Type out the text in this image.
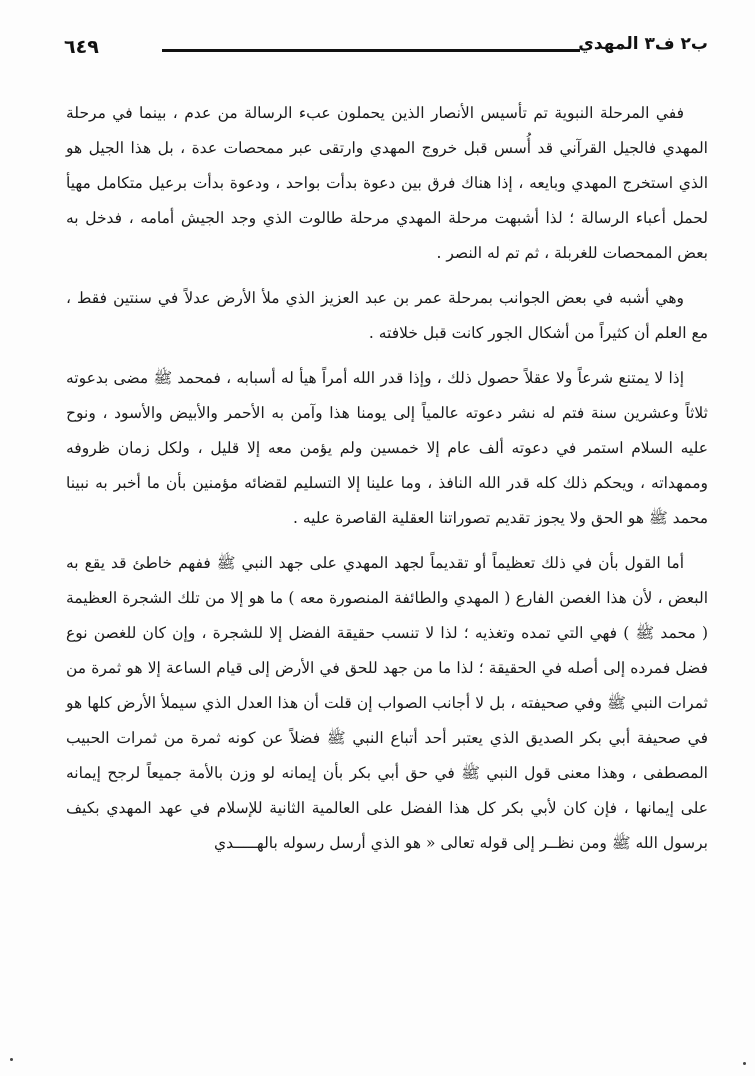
٦٤٩	ب٢ ف٣ المهدي

ففي المرحلة النبوية تم تأسيس الأنصار الذين يحملون عبء الرسالة من عدم ، بينما في مرحلة المهدي فالجيل القرآني قد أُسس قبل خروج المهدي وارتقى عبر ممحصات عدة ، بل هذا الجيل هو الذي استخرج المهدي وبايعه ، إذا هناك فرق بين دعوة بدأت بواحد ، ودعوة بدأت برعيل متكامل مهيأ لحمل أعباء الرسالة ؛ لذا أشبهت مرحلة المهدي مرحلة طالوت الذي وجد الجيش أمامه ، فدخل به بعض الممحصات للغربلة ، ثم تم له النصر .

وهي أشبه في بعض الجوانب بمرحلة عمر بن عبد العزيز الذي ملأ الأرض عدلاً في سنتين فقط ، مع العلم أن كثيراً من أشكال الجور كانت قبل خلافته .

إذا لا يمتنع شرعاً ولا عقلاً حصول ذلك ، وإذا قدر الله أمراً هيأ له أسبابه ، فمحمد ﷺ مضى بدعوته ثلاثاً وعشرين سنة فتم له نشر دعوته عالمياً إلى يومنا هذا وآمن به الأحمر والأبيض والأسود ، ونوح عليه السلام استمر في دعوته ألف عام إلا خمسين ولم يؤمن معه إلا قليل ، ولكل زمان ظروفه وممهداته ، ويحكم ذلك كله قدر الله النافذ ، وما علينا إلا التسليم لقضائه مؤمنين بأن ما أخبر به نبينا محمد ﷺ هو الحق ولا يجوز تقديم تصوراتنا العقلية القاصرة عليه .

أما القول بأن في ذلك تعظيماً أو تقديماً لجهد المهدي على جهد النبي ﷺ ففهم خاطئ قد يقع به البعض ، لأن هذا الغصن الفارع ( المهدي والطائفة المنصورة معه ) ما هو إلا من تلك الشجرة العظيمة ( محمد ﷺ ) فهي التي تمده وتغذيه ؛ لذا لا تنسب حقيقة الفضل إلا للشجرة ، وإن كان للغصن نوع فضل فمرده إلى أصله في الحقيقة ؛ لذا ما من جهد للحق في الأرض إلى قيام الساعة إلا هو ثمرة من ثمرات النبي ﷺ وفي صحيفته ، بل لا أجانب الصواب إن قلت أن هذا العدل الذي سيملأ الأرض كلها هو في صحيفة أبي بكر الصديق الذي يعتبر أحد أتباع النبي ﷺ فضلاً عن كونه ثمرة من ثمرات الحبيب المصطفى ، وهذا معنى قول النبي ﷺ في حق أبي بكر بأن إيمانه لو وزن بالأمة جميعاً لرجح إيمانه على إيمانها ، فإن كان لأبي بكر كل هذا الفضل على العالمية الثانية للإسلام في عهد المهدي بكيف برسول الله ﷺ ومن نظــر إلى قوله تعالى « هو الذي أرسل رسوله بالهـــــدي
